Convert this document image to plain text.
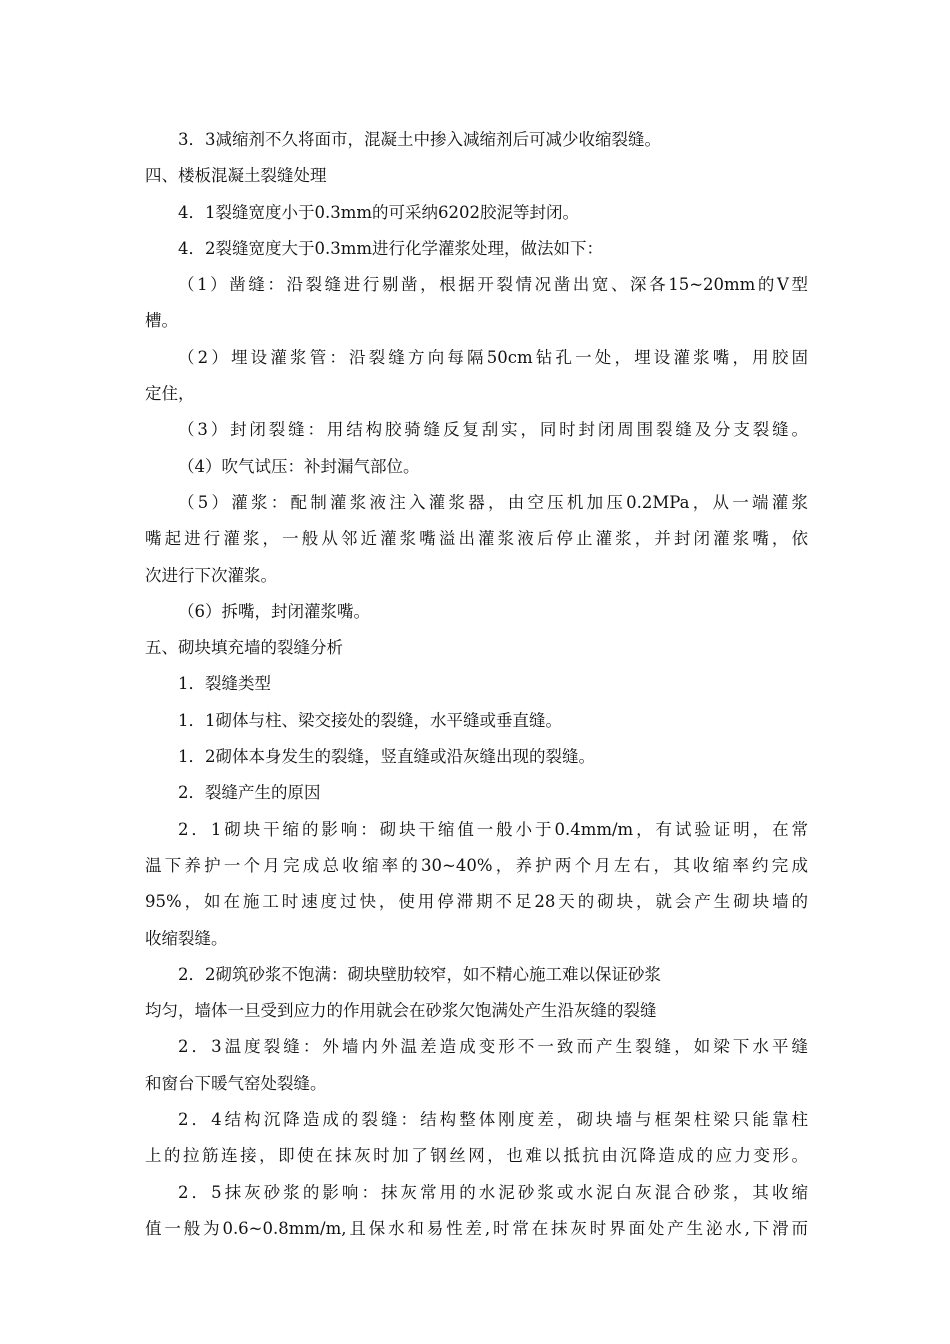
3．3减缩剂不久将面市，混凝土中掺入减缩剂后可减少收缩裂缝。
四、楼板混凝土裂缝处理
4．1裂缝宽度小于0.3mm的可采纳6202胶泥等封闭。
4．2裂缝宽度大于0.3mm进行化学灌浆处理，做法如下：
（1）凿缝：沿裂缝进行剔凿，根据开裂情况凿出宽、深各15~20mm的V型
槽。
（2）埋设灌浆管：沿裂缝方向每隔50cm钻孔一处，埋设灌浆嘴，用胶固
定住，
（3）封闭裂缝：用结构胶骑缝反复刮实，同时封闭周围裂缝及分支裂缝。
（4）吹气试压：补封漏气部位。
（5）灌浆：配制灌浆液注入灌浆器，由空压机加压0.2MPa，从一端灌浆
嘴起进行灌浆，一般从邻近灌浆嘴溢出灌浆液后停止灌浆，并封闭灌浆嘴，依
次进行下次灌浆。
（6）拆嘴，封闭灌浆嘴。
五、砌块填充墙的裂缝分析
1．裂缝类型
1．1砌体与柱、梁交接处的裂缝，水平缝或垂直缝。
1．2砌体本身发生的裂缝，竖直缝或沿灰缝出现的裂缝。
2．裂缝产生的原因
2．1砌块干缩的影响：砌块干缩值一般小于0.4mm/m，有试验证明，在常
温下养护一个月完成总收缩率的30~40%，养护两个月左右，其收缩率约完成
95%，如在施工时速度过快，使用停滞期不足28天的砌块，就会产生砌块墙的
收缩裂缝。
2．2砌筑砂浆不饱满：砌块壁肋较窄，如不精心施工难以保证砂浆
均匀，墙体一旦受到应力的作用就会在砂浆欠饱满处产生沿灰缝的裂缝
2．3温度裂缝：外墙内外温差造成变形不一致而产生裂缝，如梁下水平缝
和窗台下暖气窑处裂缝。
2．4结构沉降造成的裂缝：结构整体刚度差，砌块墙与框架柱梁只能靠柱
上的拉筋连接，即使在抹灰时加了钢丝网，也难以抵抗由沉降造成的应力变形。
2．5抹灰砂浆的影响：抹灰常用的水泥砂浆或水泥白灰混合砂浆，其收缩
值一般为0.6~0.8mm/m,且保水和易性差,时常在抹灰时界面处产生泌水,下滑而
